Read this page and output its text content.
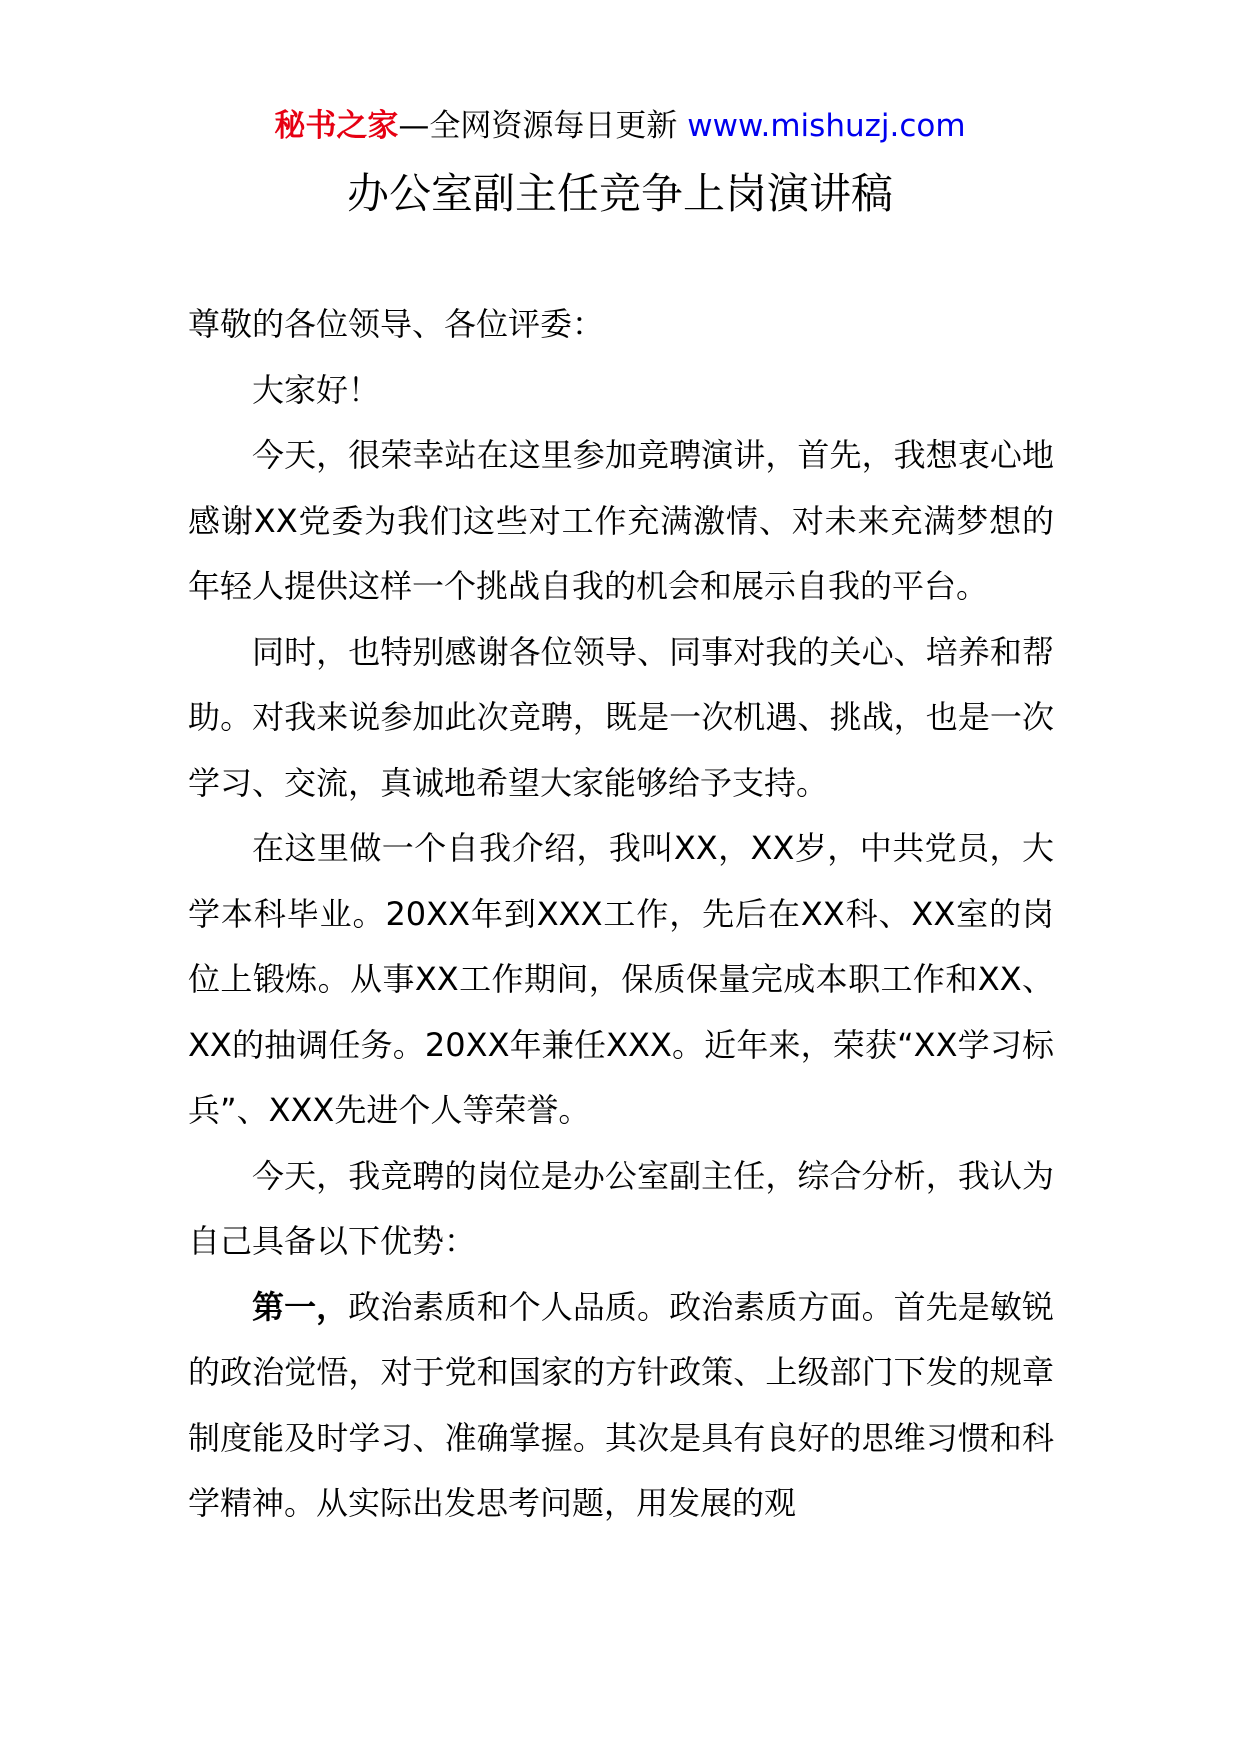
秘书之家—全网资源每日更新 www.mishuzj.com
办公室副主任竞争上岗演讲稿

尊敬的各位领导、各位评委：

大家好！

今天，很荣幸站在这里参加竞聘演讲，首先，我想衷心地感谢XX党委为我们这些对工作充满激情、对未来充满梦想的年轻人提供这样一个挑战自我的机会和展示自我的平台。

同时，也特别感谢各位领导、同事对我的关心、培养和帮助。对我来说参加此次竞聘，既是一次机遇、挑战，也是一次学习、交流，真诚地希望大家能够给予支持。

在这里做一个自我介绍，我叫XX，XX岁，中共党员，大学本科毕业。20XX年到XXX工作，先后在XX科、XX室的岗位上锻炼。从事XX工作期间，保质保量完成本职工作和XX、XX的抽调任务。20XX年兼任XXX。近年来，荣获“XX学习标兵”、XXX先进个人等荣誉。

今天，我竞聘的岗位是办公室副主任，综合分析，我认为自己具备以下优势：

第一，政治素质和个人品质。政治素质方面。首先是敏锐的政治觉悟，对于党和国家的方针政策、上级部门下发的规章制度能及时学习、准确掌握。其次是具有良好的思维习惯和科学精神。从实际出发思考问题，用发展的观
